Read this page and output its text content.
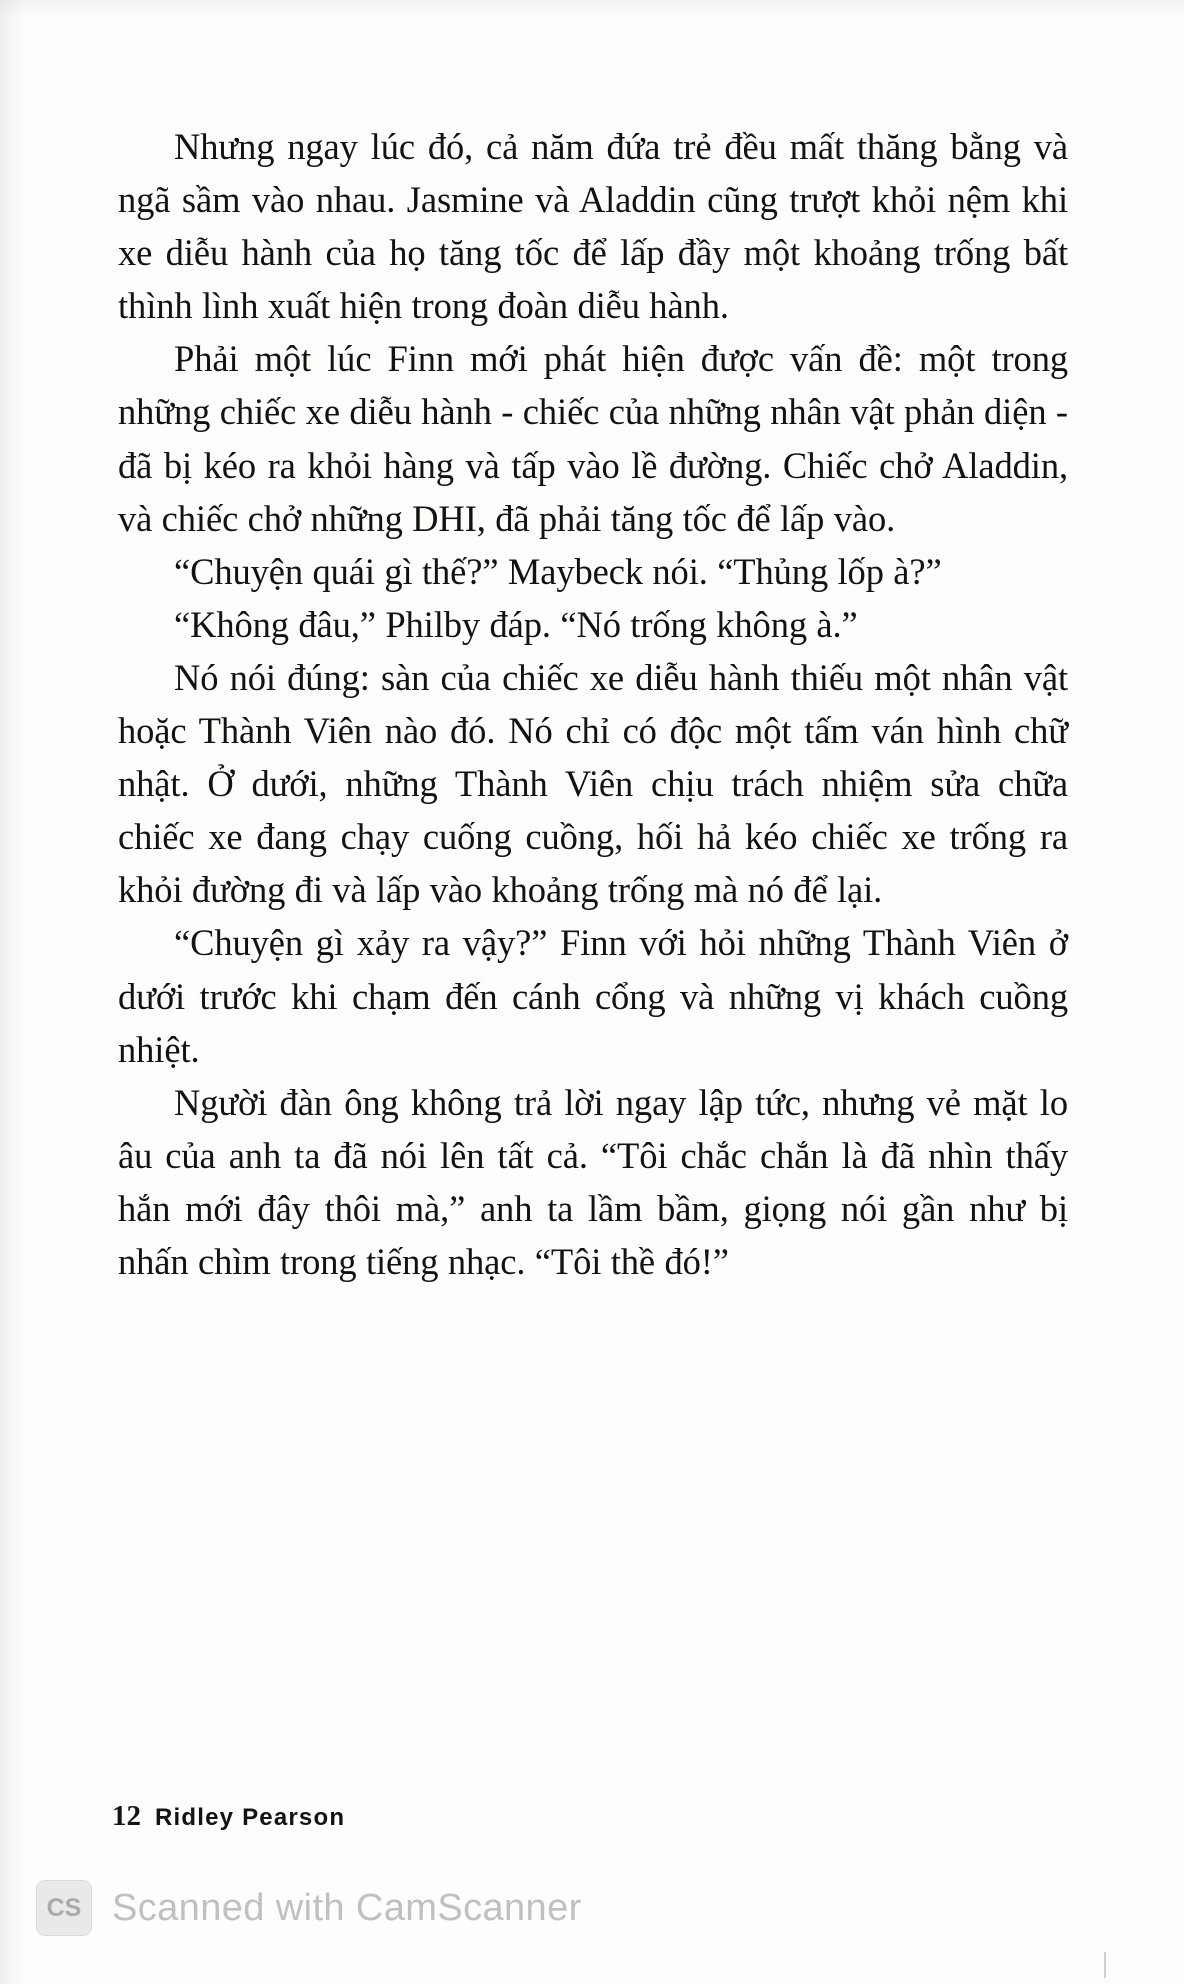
Nhưng ngay lúc đó, cả năm đứa trẻ đều mất thăng bằng và ngã sầm vào nhau. Jasmine và Aladdin cũng trượt khỏi nệm khi xe diễu hành của họ tăng tốc để lấp đầy một khoảng trống bất thình lình xuất hiện trong đoàn diễu hành.

Phải một lúc Finn mới phát hiện được vấn đề: một trong những chiếc xe diễu hành - chiếc của những nhân vật phản diện - đã bị kéo ra khỏi hàng và tấp vào lề đường. Chiếc chở Aladdin, và chiếc chở những DHI, đã phải tăng tốc để lấp vào.

“Chuyện quái gì thế?” Maybeck nói. “Thủng lốp à?”

“Không đâu,” Philby đáp. “Nó trống không à.”

Nó nói đúng: sàn của chiếc xe diễu hành thiếu một nhân vật hoặc Thành Viên nào đó. Nó chỉ có độc một tấm ván hình chữ nhật. Ở dưới, những Thành Viên chịu trách nhiệm sửa chữa chiếc xe đang chạy cuống cuồng, hối hả kéo chiếc xe trống ra khỏi đường đi và lấp vào khoảng trống mà nó để lại.

“Chuyện gì xảy ra vậy?” Finn với hỏi những Thành Viên ở dưới trước khi chạm đến cánh cổng và những vị khách cuồng nhiệt.

Người đàn ông không trả lời ngay lập tức, nhưng vẻ mặt lo âu của anh ta đã nói lên tất cả. “Tôi chắc chắn là đã nhìn thấy hắn mới đây thôi mà,” anh ta lầm bầm, giọng nói gần như bị nhấn chìm trong tiếng nhạc. “Tôi thề đó!”

12 Ridley Pearson
CS Scanned with CamScanner
